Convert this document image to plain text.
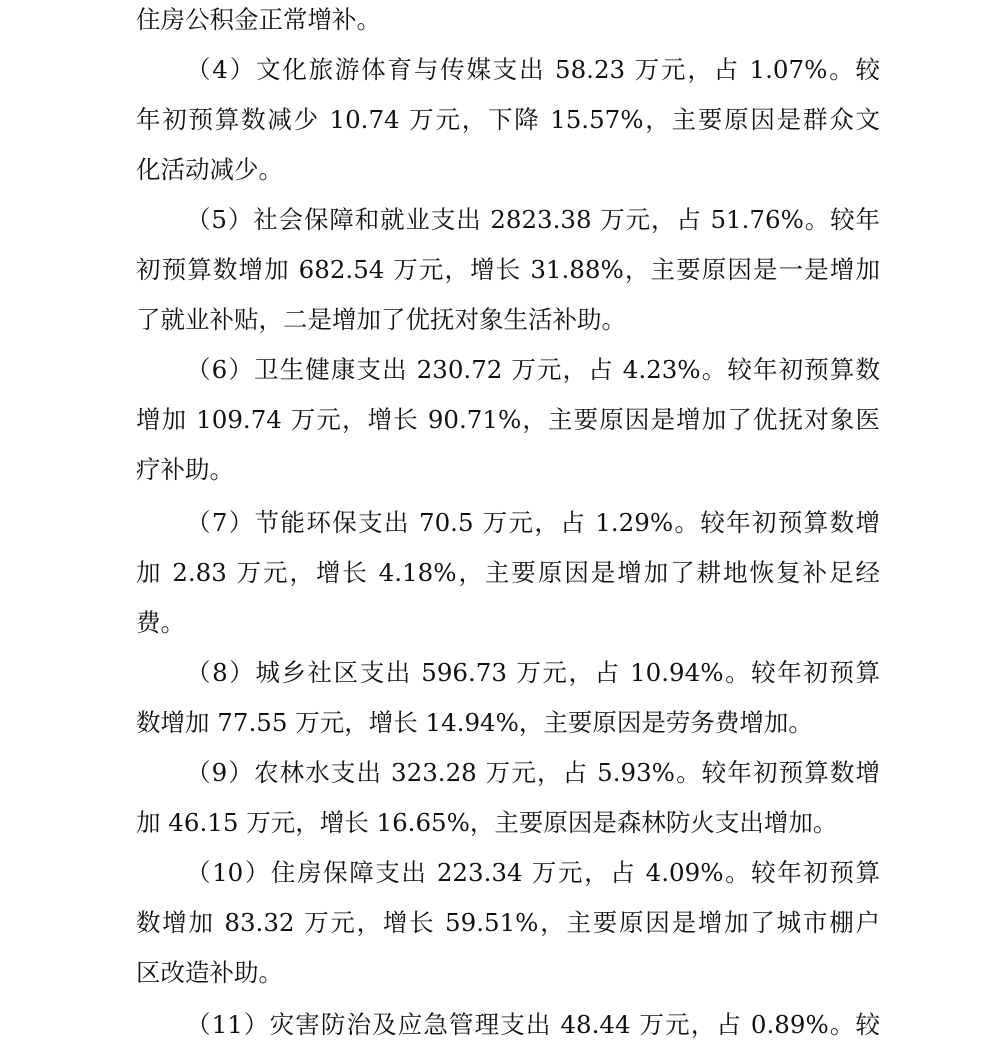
住房公积金正常增补。
（4）文化旅游体育与传媒支出 58.23 万元，占 1.07%。较
年初预算数减少 10.74 万元，下降 15.57%，主要原因是群众文
化活动减少。
（5）社会保障和就业支出 2823.38 万元，占 51.76%。较年
初预算数增加 682.54 万元，增长 31.88%，主要原因是一是增加
了就业补贴，二是增加了优抚对象生活补助。
（6）卫生健康支出 230.72 万元，占 4.23%。较年初预算数
增加 109.74 万元，增长 90.71%，主要原因是增加了优抚对象医
疗补助。
（7）节能环保支出 70.5 万元，占 1.29%。较年初预算数增
加 2.83 万元，增长 4.18%，主要原因是增加了耕地恢复补足经
费。
（8）城乡社区支出 596.73 万元，占 10.94%。较年初预算
数增加 77.55 万元，增长 14.94%，主要原因是劳务费增加。
（9）农林水支出 323.28 万元，占 5.93%。较年初预算数增
加 46.15 万元，增长 16.65%，主要原因是森林防火支出增加。
（10）住房保障支出 223.34 万元，占 4.09%。较年初预算
数增加 83.32 万元，增长 59.51%，主要原因是增加了城市棚户
区改造补助。
（11）灾害防治及应急管理支出 48.44 万元，占 0.89%。较
